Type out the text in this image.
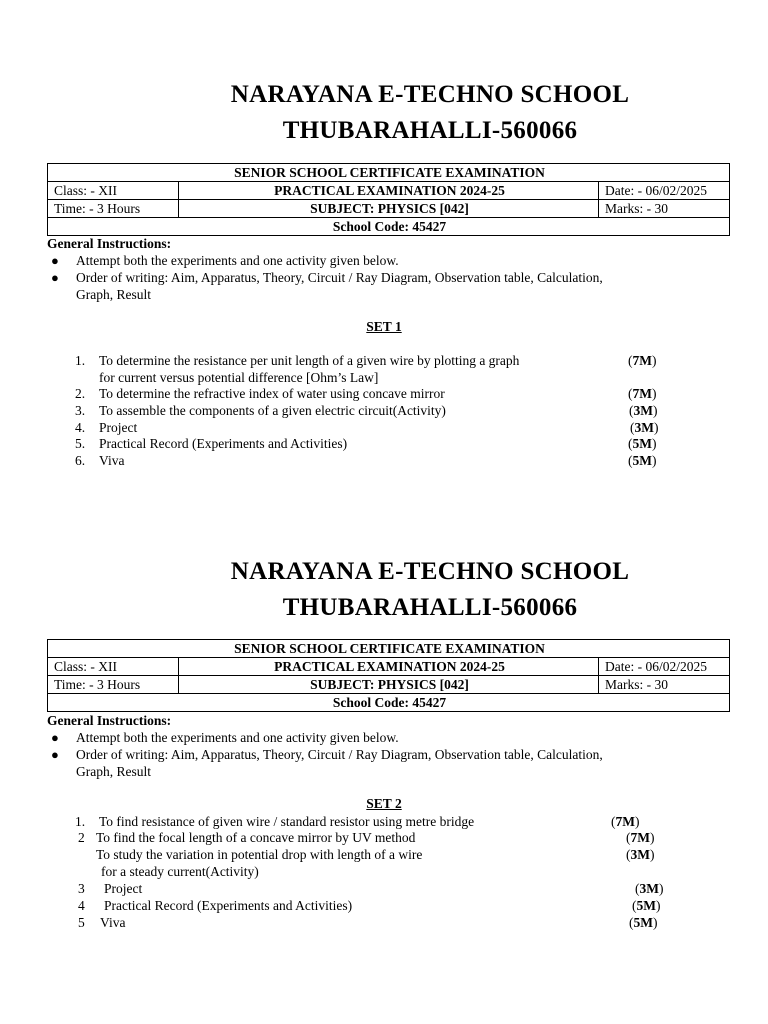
NARAYANA E-TECHNO SCHOOL
THUBARAHALLI-560066
SENIOR SCHOOL CERTIFICATE EXAMINATION		
Class: - XII	PRACTICAL EXAMINATION 2024-25	Date: - 06/02/2025
Time: - 3 Hours	SUBJECT: PHYSICS [042]	Marks: - 30
School Code: 45427		
General Instructions:
● Attempt both the experiments and one activity given below.
● Order of writing: Aim, Apparatus, Theory, Circuit / Ray Diagram, Observation table, Calculation,
Graph, Result
SET 1
1. To determine the resistance per unit length of a given wire by plotting a graph
for current versus potential difference [Ohm’s Law]
(7M)
2. To determine the refractive index of water using concave mirror	(7M)
3. To assemble the components of a given electric circuit(Activity)	(3M)
4. Project	(3M)
5. Practical Record (Experiments and Activities)	(5M)
6. Viva	(5M)
NARAYANA E-TECHNO SCHOOL
THUBARAHALLI-560066
SENIOR SCHOOL CERTIFICATE EXAMINATION		
Class: - XII	PRACTICAL EXAMINATION 2024-25	Date: - 06/02/2025
Time: - 3 Hours	SUBJECT: PHYSICS [042]	Marks: - 30
School Code: 45427		
General Instructions:
● Attempt both the experiments and one activity given below.
● Order of writing: Aim, Apparatus, Theory, Circuit / Ray Diagram, Observation table, Calculation,
Graph, Result
SET 2
1. To find resistance of given wire / standard resistor using metre bridge	(7M)
2 To find the focal length of a concave mirror by UV method	(7M)
To study the variation in potential drop with length of a wire
for a steady current(Activity)
(3M)
3 Project	(3M)
4 Practical Record (Experiments and Activities)	(5M)
5 Viva	(5M)
